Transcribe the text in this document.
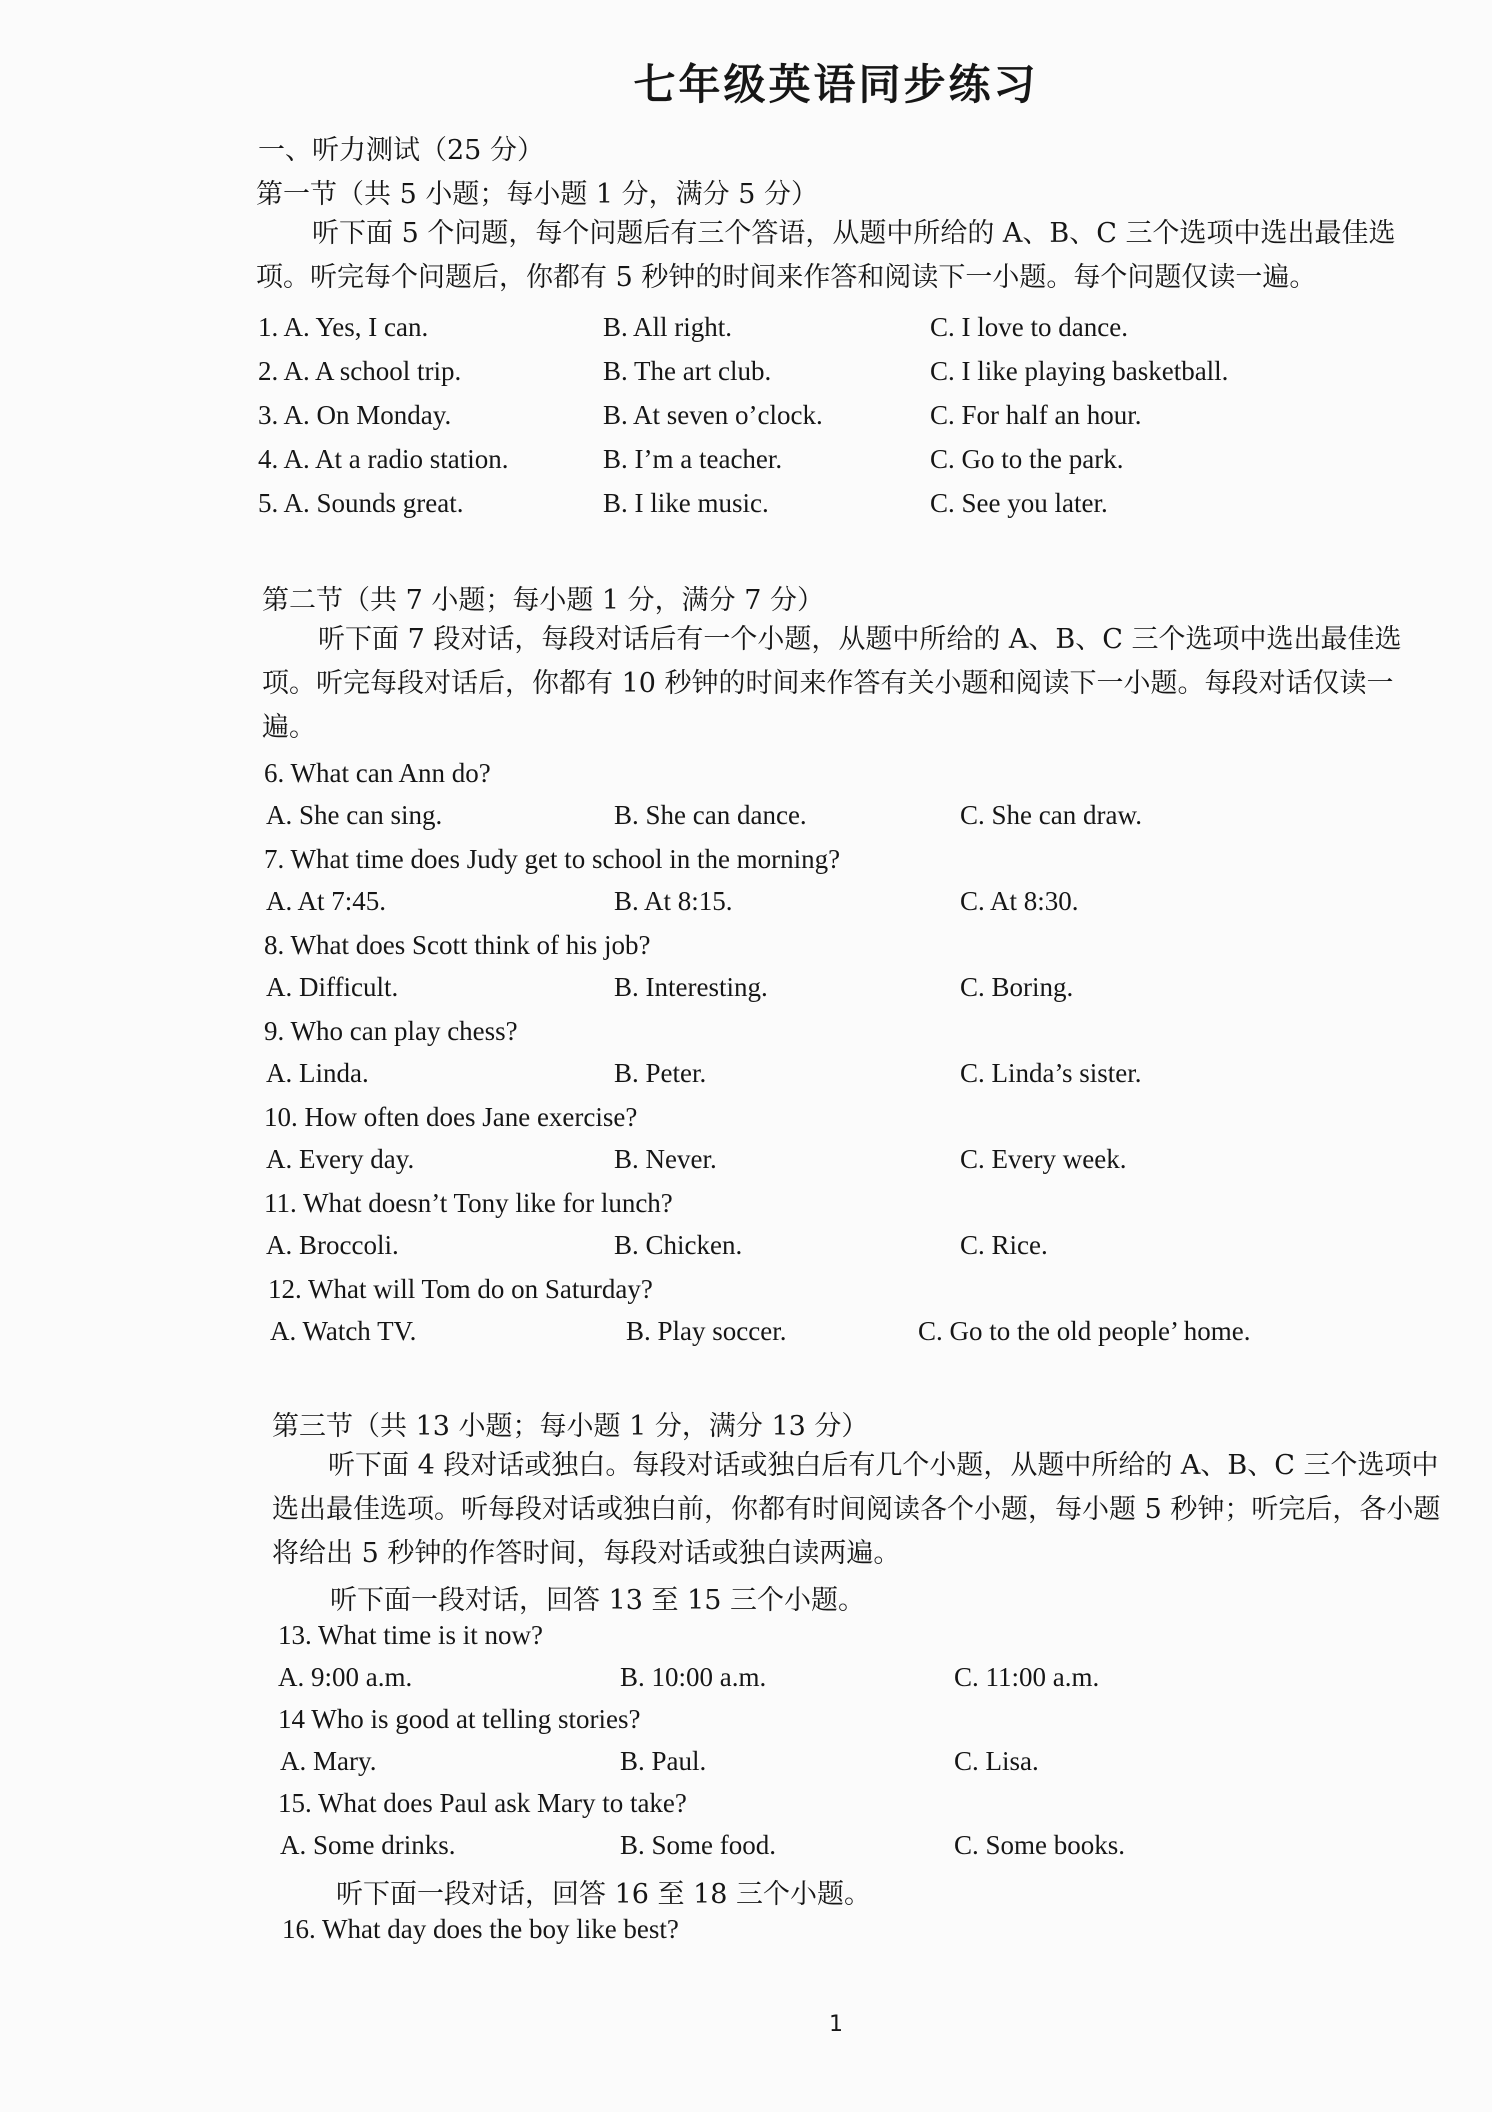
七年级英语同步练习
一、听力测试（25 分）
第一节（共 5 小题；每小题 1 分，满分 5 分）
听下面 5 个问题，每个问题后有三个答语，从题中所给的 A、B、C 三个选项中选出最佳选项。听完每个问题后，你都有 5 秒钟的时间来作答和阅读下一小题。每个问题仅读一遍。
1. A. Yes, I can.	B. All right.	C. I love to dance.
2. A. A school trip.	B. The art club.	C. I like playing basketball.
3. A. On Monday.	B. At seven o’clock.	C. For half an hour.
4. A. At a radio station.	B. I’m a teacher.	C. Go to the park.
5. A. Sounds great.	B. I like music.	C. See you later.
第二节（共 7 小题；每小题 1 分，满分 7 分）
听下面 7 段对话，每段对话后有一个小题，从题中所给的 A、B、C 三个选项中选出最佳选项。听完每段对话后，你都有 10 秒钟的时间来作答有关小题和阅读下一小题。每段对话仅读一遍。
6. What can Ann do?
A. She can sing.	B. She can dance.	C. She can draw.
7. What time does Judy get to school in the morning?
A. At 7:45.	B. At 8:15.	C. At 8:30.
8. What does Scott think of his job?
A. Difficult.	B. Interesting.	C. Boring.
9. Who can play chess?
A. Linda.	B. Peter.	C. Linda’s sister.
10. How often does Jane exercise?
A. Every day.	B. Never.	C. Every week.
11. What doesn’t Tony like for lunch?
A. Broccoli.	B. Chicken.	C. Rice.
12. What will Tom do on Saturday?
A. Watch TV.	B. Play soccer.	C. Go to the old people’ home.
第三节（共 13 小题；每小题 1 分，满分 13 分）
听下面 4 段对话或独白。每段对话或独白后有几个小题，从题中所给的 A、B、C 三个选项中选出最佳选项。听每段对话或独白前，你都有时间阅读各个小题，每小题 5 秒钟；听完后，各小题将给出 5 秒钟的作答时间，每段对话或独白读两遍。
听下面一段对话，回答 13 至 15 三个小题。
13. What time is it now?
A. 9:00 a.m.	B. 10:00 a.m.	C. 11:00 a.m.
14 Who is good at telling stories?
A. Mary.	B. Paul.	C. Lisa.
15. What does Paul ask Mary to take?
A. Some drinks.	B. Some food.	C. Some books.
听下面一段对话，回答 16 至 18 三个小题。
16. What day does the boy like best?
1
